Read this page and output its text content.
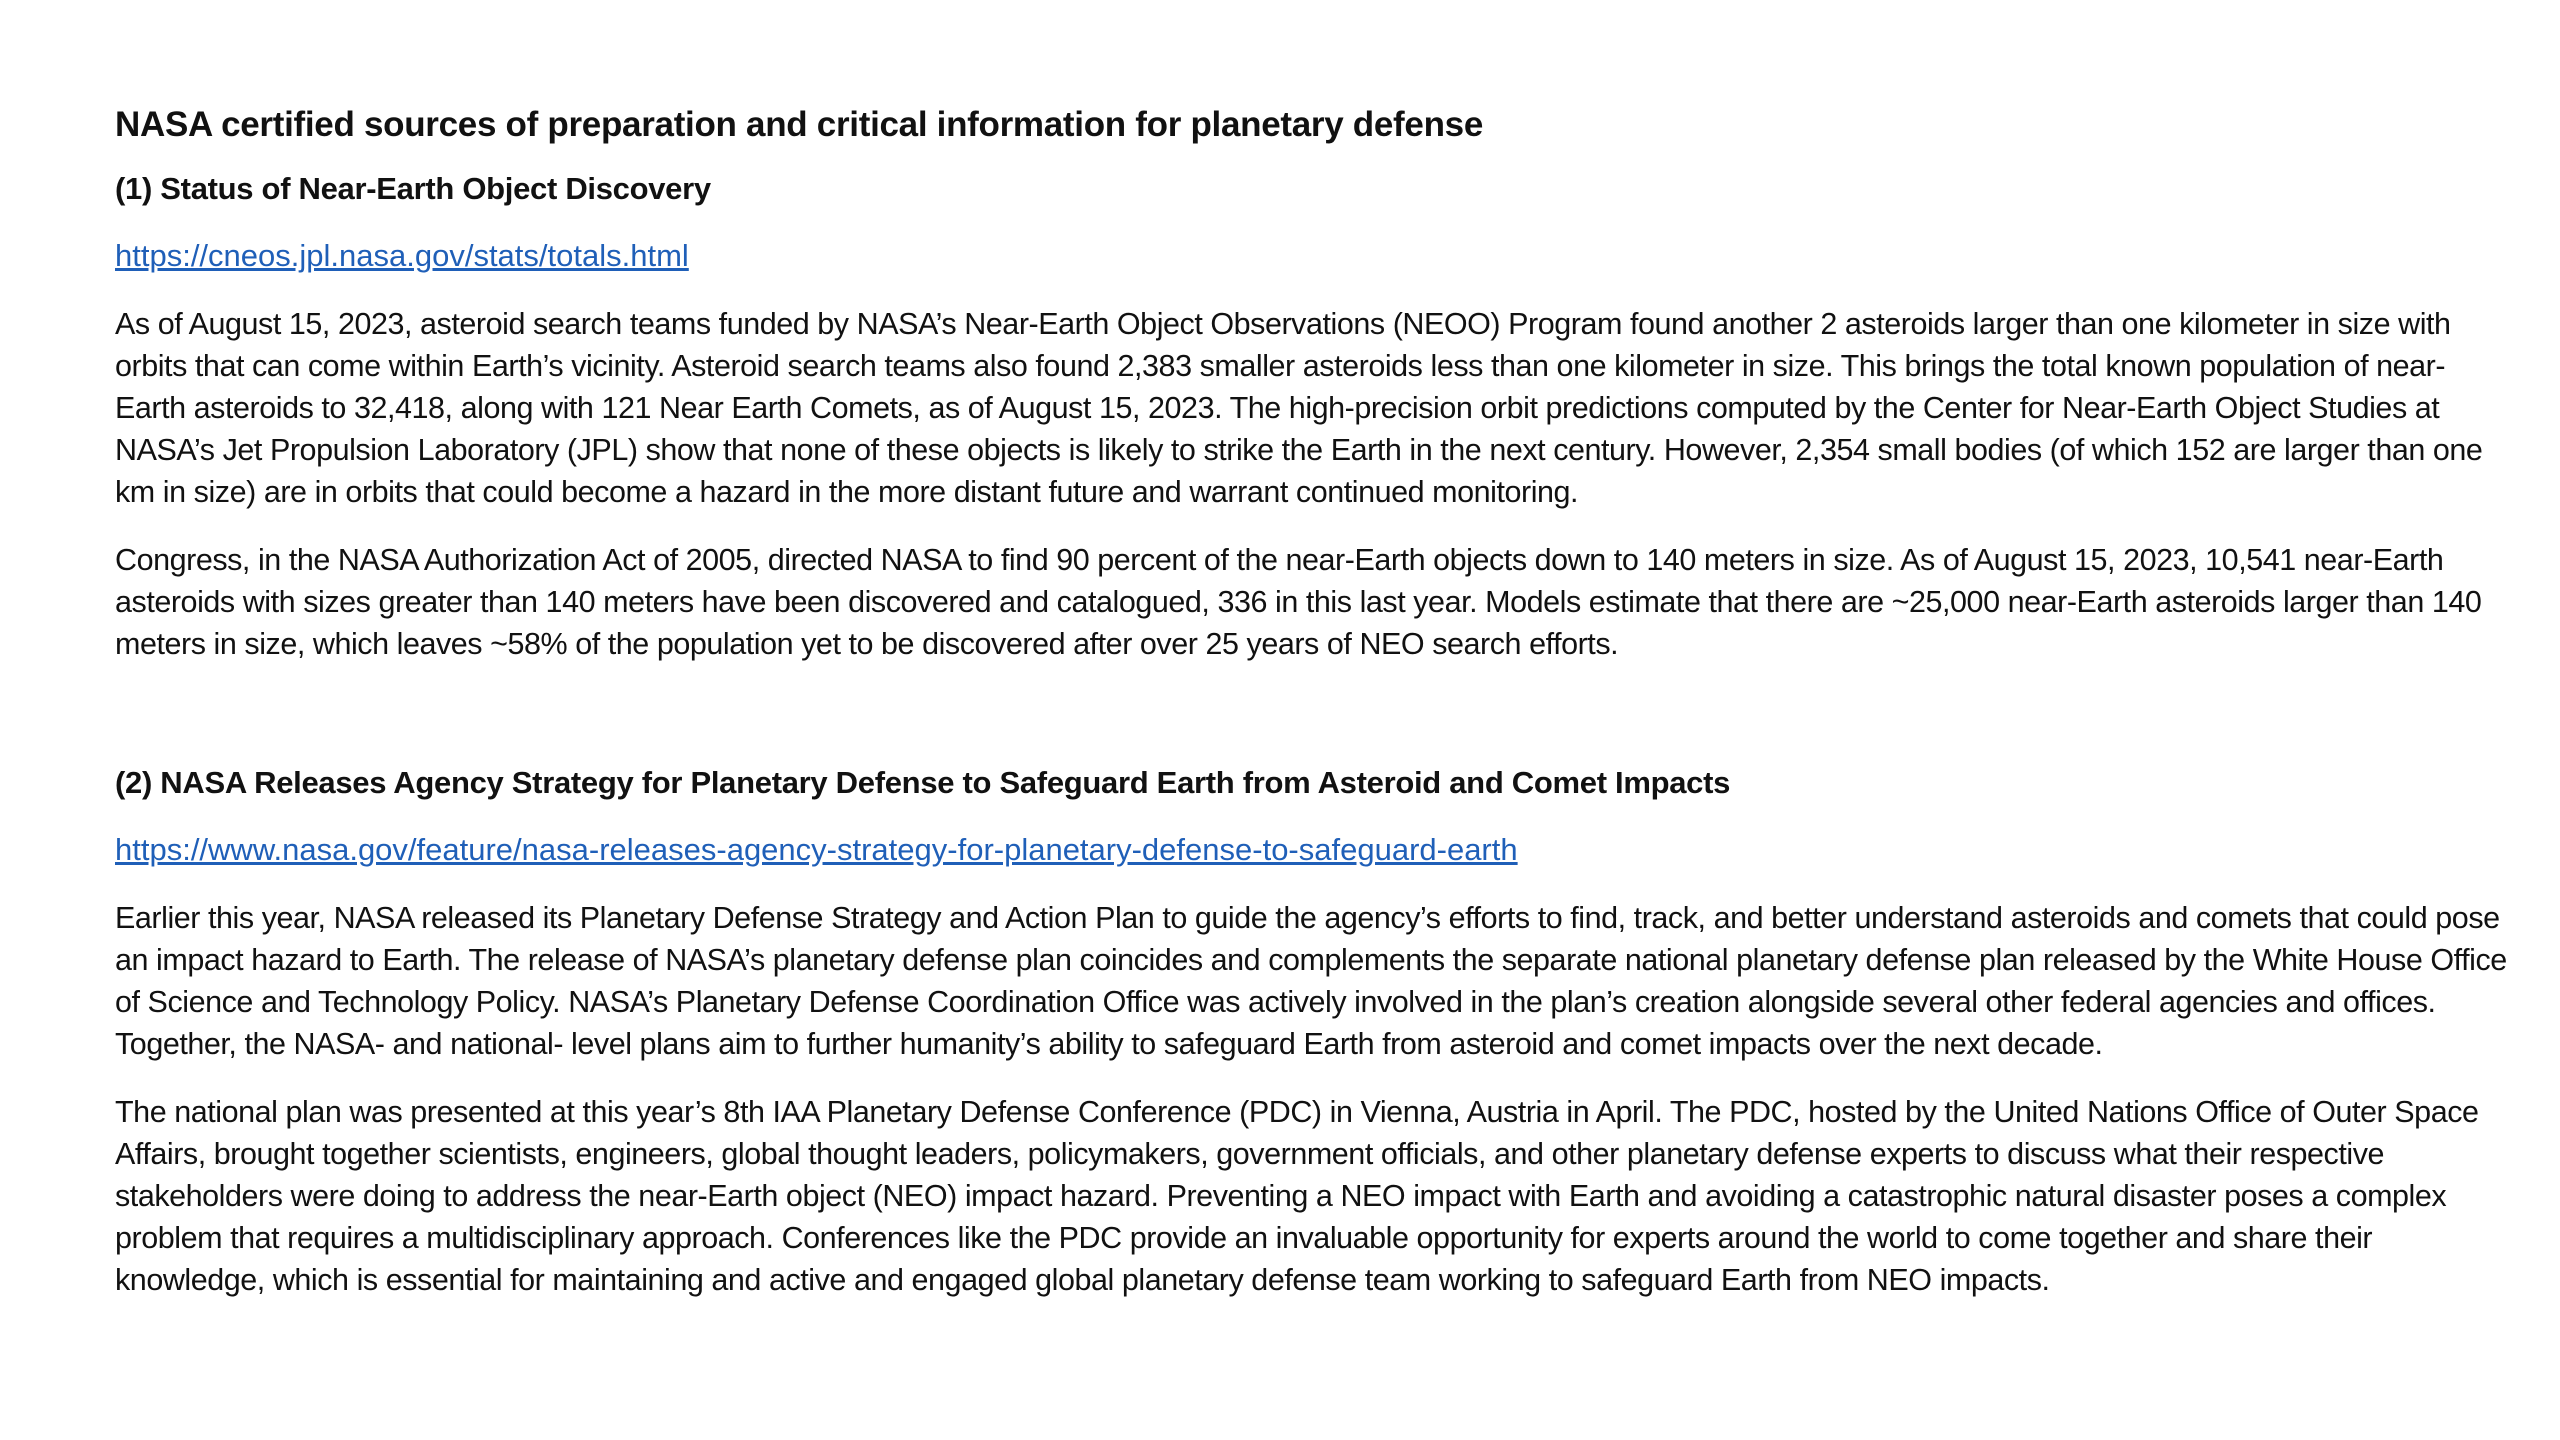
NASA certified sources of preparation and critical information for planetary defense
(1) Status of Near-Earth Object Discovery
https://cneos.jpl.nasa.gov/stats/totals.html

As of August 15, 2023, asteroid search teams funded by NASA’s Near-Earth Object Observations (NEOO) Program found another 2 asteroids larger than one kilometer in size with orbits that can come within Earth’s vicinity. Asteroid search teams also found 2,383 smaller asteroids less than one kilometer in size. This brings the total known population of near-Earth asteroids to 32,418, along with 121 Near Earth Comets, as of August 15, 2023. The high-precision orbit predictions computed by the Center for Near-Earth Object Studies at NASA’s Jet Propulsion Laboratory (JPL) show that none of these objects is likely to strike the Earth in the next century. However, 2,354 small bodies (of which 152 are larger than one km in size) are in orbits that could become a hazard in the more distant future and warrant continued monitoring.

Congress, in the NASA Authorization Act of 2005, directed NASA to find 90 percent of the near-Earth objects down to 140 meters in size. As of August 15, 2023, 10,541 near-Earth asteroids with sizes greater than 140 meters have been discovered and catalogued, 336 in this last year. Models estimate that there are ~25,000 near-Earth asteroids larger than 140 meters in size, which leaves ~58% of the population yet to be discovered after over 25 years of NEO search efforts.

(2) NASA Releases Agency Strategy for Planetary Defense to Safeguard Earth from Asteroid and Comet Impacts
https://www.nasa.gov/feature/nasa-releases-agency-strategy-for-planetary-defense-to-safeguard-earth

Earlier this year, NASA released its Planetary Defense Strategy and Action Plan to guide the agency’s efforts to find, track, and better understand asteroids and comets that could pose an impact hazard to Earth. The release of NASA’s planetary defense plan coincides and complements the separate national planetary defense plan released by the White House Office of Science and Technology Policy. NASA’s Planetary Defense Coordination Office was actively involved in the plan’s creation alongside several other federal agencies and offices. Together, the NASA- and national- level plans aim to further humanity’s ability to safeguard Earth from asteroid and comet impacts over the next decade.

The national plan was presented at this year’s 8th IAA Planetary Defense Conference (PDC) in Vienna, Austria in April. The PDC, hosted by the United Nations Office of Outer Space Affairs, brought together scientists, engineers, global thought leaders, policymakers, government officials, and other planetary defense experts to discuss what their respective stakeholders were doing to address the near-Earth object (NEO) impact hazard. Preventing a NEO impact with Earth and avoiding a catastrophic natural disaster poses a complex problem that requires a multidisciplinary approach. Conferences like the PDC provide an invaluable opportunity for experts around the world to come together and share their knowledge, which is essential for maintaining and active and engaged global planetary defense team working to safeguard Earth from NEO impacts.
